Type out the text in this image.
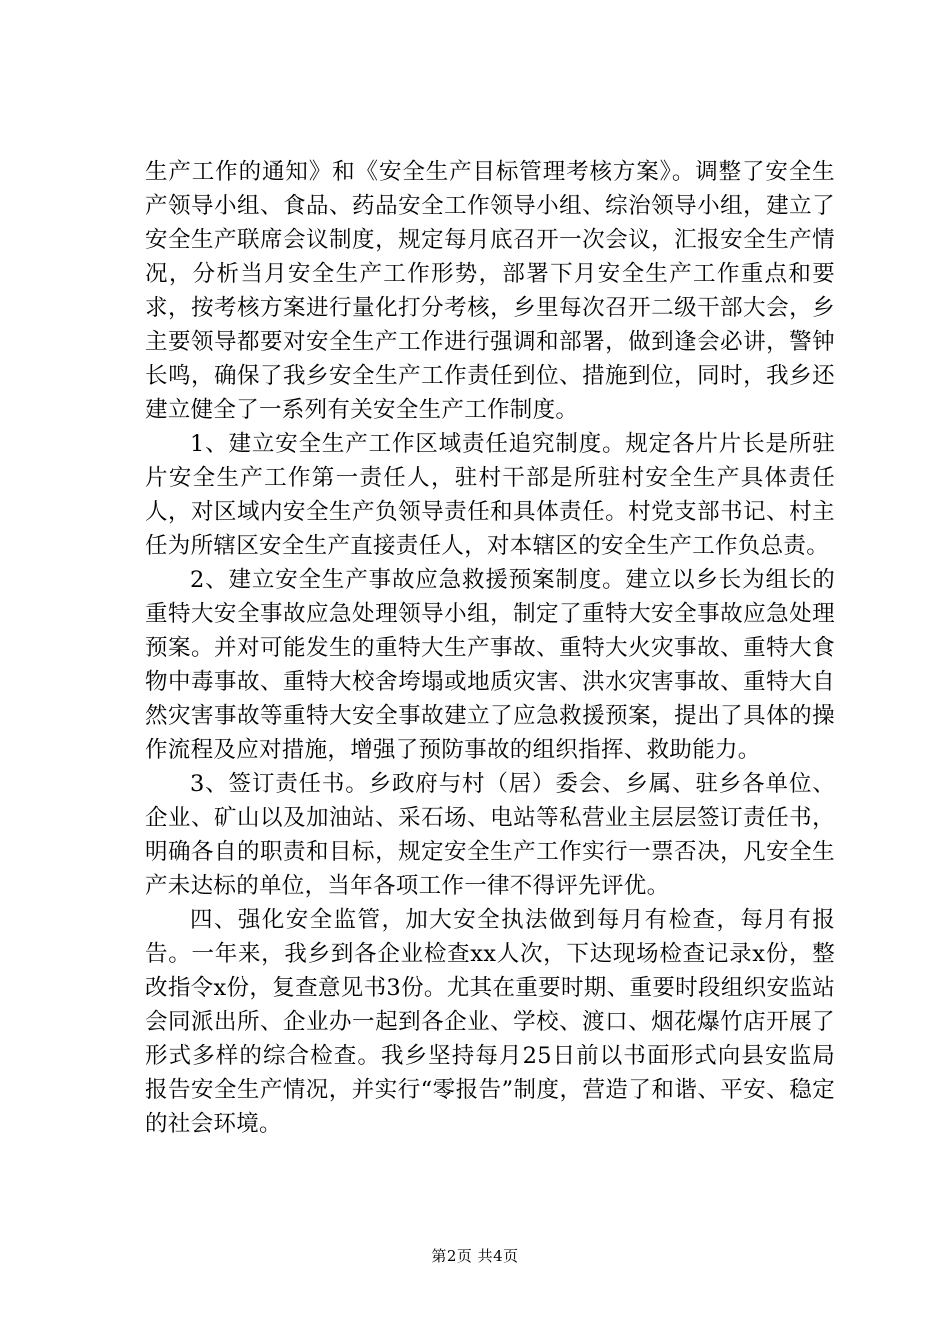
生产工作的通知》和《安全生产目标管理考核方案》。调整了安全生产领导小组、食品、药品安全工作领导小组、综治领导小组，建立了安全生产联席会议制度，规定每月底召开一次会议，汇报安全生产情况，分析当月安全生产工作形势，部署下月安全生产工作重点和要求，按考核方案进行量化打分考核，乡里每次召开二级干部大会，乡主要领导都要对安全生产工作进行强调和部署，做到逢会必讲，警钟长鸣，确保了我乡安全生产工作责任到位、措施到位，同时，我乡还建立健全了一系列有关安全生产工作制度。

1、建立安全生产工作区域责任追究制度。规定各片片长是所驻片安全生产工作第一责任人，驻村干部是所驻村安全生产具体责任人，对区域内安全生产负领导责任和具体责任。村党支部书记、村主任为所辖区安全生产直接责任人，对本辖区的安全生产工作负总责。

2、建立安全生产事故应急救援预案制度。建立以乡长为组长的重特大安全事故应急处理领导小组，制定了重特大安全事故应急处理预案。并对可能发生的重特大生产事故、重特大火灾事故、重特大食物中毒事故、重特大校舍垮塌或地质灾害、洪水灾害事故、重特大自然灾害事故等重特大安全事故建立了应急救援预案，提出了具体的操作流程及应对措施，增强了预防事故的组织指挥、救助能力。

3、签订责任书。乡政府与村（居）委会、乡属、驻乡各单位、企业、矿山以及加油站、采石场、电站等私营业主层层签订责任书，明确各自的职责和目标，规定安全生产工作实行一票否决，凡安全生产未达标的单位，当年各项工作一律不得评先评优。

四、强化安全监管，加大安全执法做到每月有检查，每月有报告。一年来，我乡到各企业检查xx人次，下达现场检查记录x份，整改指令x份，复查意见书3份。尤其在重要时期、重要时段组织安监站会同派出所、企业办一起到各企业、学校、渡口、烟花爆竹店开展了形式多样的综合检查。我乡坚持每月25日前以书面形式向县安监局报告安全生产情况，并实行“零报告”制度，营造了和谐、平安、稳定的社会环境。

第2页 共4页
